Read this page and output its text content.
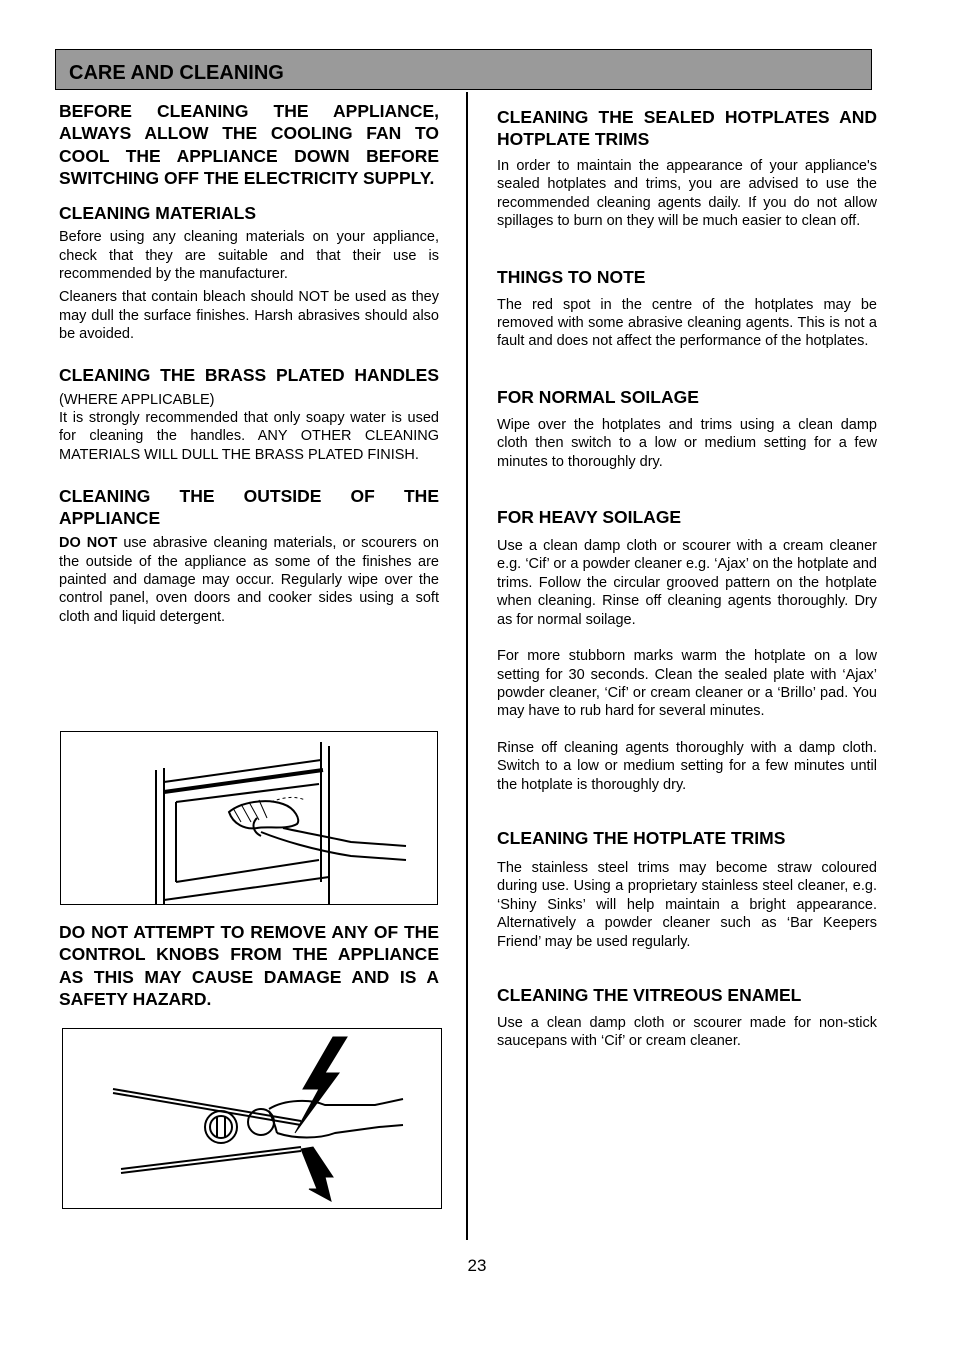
CARE AND CLEANING

BEFORE CLEANING THE APPLIANCE, ALWAYS ALLOW THE COOLING FAN TO COOL THE APPLIANCE DOWN BEFORE SWITCHING OFF THE ELECTRICITY SUPPLY.

CLEANING MATERIALS

Before using any cleaning materials on your appliance, check that they are suitable and that their use is recommended by the manufacturer.

Cleaners that contain bleach should NOT be used as they may dull the surface finishes. Harsh abrasives should also be avoided.

CLEANING THE BRASS PLATED HANDLES

(WHERE APPLICABLE)

It is strongly recommended that only soapy water is used for cleaning the handles. ANY OTHER CLEANING MATERIALS WILL DULL THE BRASS PLATED FINISH.

CLEANING THE OUTSIDE OF THE APPLIANCE

DO NOT use abrasive cleaning materials, or scourers on the outside of the appliance as some of the finishes are painted and damage may occur. Regularly wipe over the control panel, oven doors and cooker sides using a soft cloth and liquid detergent.

DO NOT ATTEMPT TO REMOVE ANY OF THE CONTROL KNOBS FROM THE APPLIANCE AS THIS MAY CAUSE DAMAGE AND IS A SAFETY HAZARD.

CLEANING THE SEALED HOTPLATES AND HOTPLATE TRIMS

In order to maintain the appearance of your appliance's sealed hotplates and trims, you are advised to use the recommended cleaning agents daily. If you do not allow spillages to burn on they will be much easier to clean off.

THINGS TO NOTE

The red spot in the centre of the hotplates may be removed with some abrasive cleaning agents. This is not a fault and does not affect the performance of the hotplates.

FOR NORMAL SOILAGE

Wipe over the hotplates and trims using a clean damp cloth then switch to a low or medium setting for a few minutes to thoroughly dry.

FOR HEAVY SOILAGE

Use a clean damp cloth or scourer with a cream cleaner e.g. ‘Cif’ or a powder cleaner e.g. ‘Ajax’ on the hotplate and trims. Follow the circular grooved pattern on the hotplate when cleaning. Rinse off cleaning agents thoroughly. Dry as for normal soilage.

For more stubborn marks warm the hotplate on a low setting for 30 seconds. Clean the sealed plate with ‘Ajax’ powder cleaner, ‘Cif’ or cream cleaner or a ‘Brillo’ pad. You may have to rub hard for several minutes.

Rinse off cleaning agents thoroughly with a damp cloth. Switch to a low or medium setting for a few minutes until the hotplate is thoroughly dry.

CLEANING THE HOTPLATE TRIMS

The stainless steel trims may become straw coloured during use. Using a proprietary stainless steel cleaner, e.g. ‘Shiny Sinks’ will help maintain a bright appearance. Alternatively a powder cleaner such as ‘Bar Keepers Friend’ may be used regularly.

CLEANING THE VITREOUS ENAMEL

Use a clean damp cloth or scourer made for non-stick saucepans with ‘Cif’ or cream cleaner.

23
